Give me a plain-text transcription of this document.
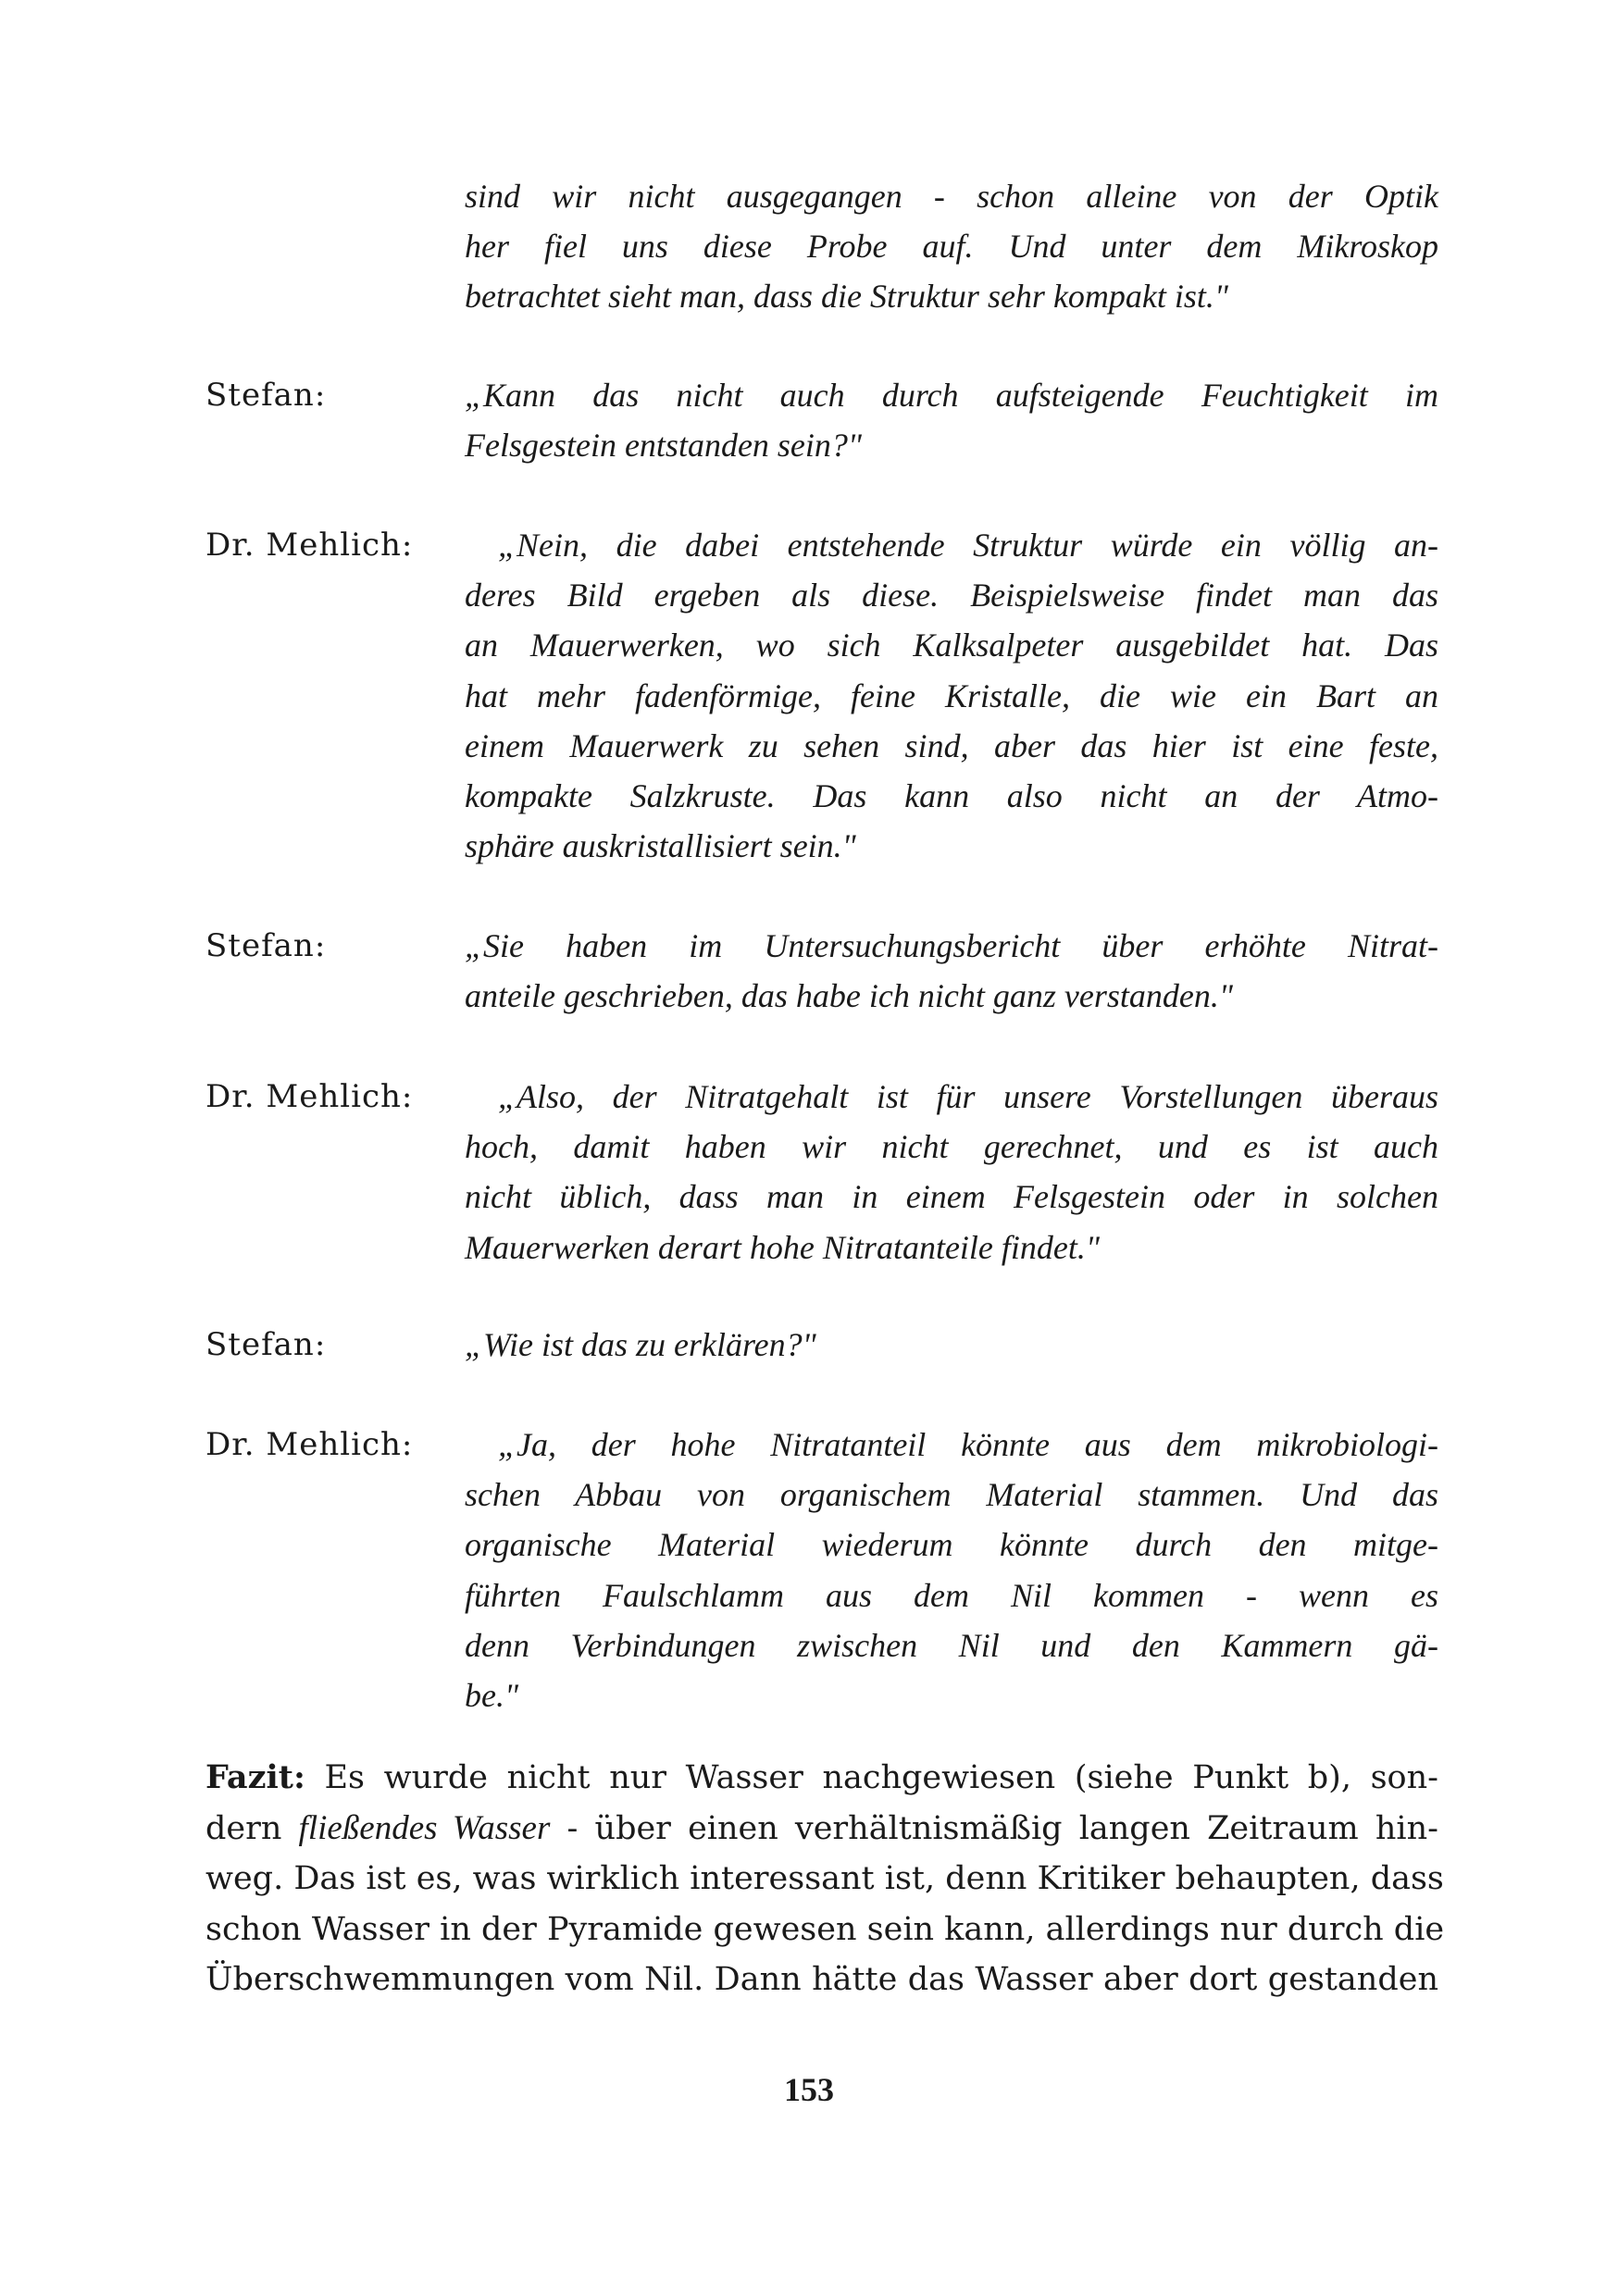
sind wir nicht ausgegangen - schon alleine von der Optik
her fiel uns diese Probe auf. Und unter dem Mikroskop
betrachtet sieht man, dass die Struktur sehr kompakt ist."
Stefan:	„Kann das nicht auch durch aufsteigende Feuchtigkeit im
Felsgestein entstanden sein?"
Dr. Mehlich:	„Nein, die dabei entstehende Struktur würde ein völlig an-
deres Bild ergeben als diese. Beispielsweise findet man das
an Mauerwerken, wo sich Kalksalpeter ausgebildet hat. Das
hat mehr fadenförmige, feine Kristalle, die wie ein Bart an
einem Mauerwerk zu sehen sind, aber das hier ist eine feste,
kompakte Salzkruste. Das kann also nicht an der Atmo-
sphäre auskristallisiert sein."
Stefan:	„Sie haben im Untersuchungsbericht über erhöhte Nitrat-
anteile geschrieben, das habe ich nicht ganz verstanden."
Dr. Mehlich:	„Also, der Nitratgehalt ist für unsere Vorstellungen überaus
hoch, damit haben wir nicht gerechnet, und es ist auch
nicht üblich, dass man in einem Felsgestein oder in solchen
Mauerwerken derart hohe Nitratanteile findet."
Stefan:	„Wie ist das zu erklären?"
Dr. Mehlich:	„Ja, der hohe Nitratanteil könnte aus dem mikrobiologi-
schen Abbau von organischem Material stammen. Und das
organische Material wiederum könnte durch den mitge-
führten Faulschlamm aus dem Nil kommen - wenn es
denn Verbindungen zwischen Nil und den Kammern gä-
be."
Fazit: Es wurde nicht nur Wasser nachgewiesen (siehe Punkt b), son-
dern fließendes Wasser - über einen verhältnismäßig langen Zeitraum hin-
weg. Das ist es, was wirklich interessant ist, denn Kritiker behaupten, dass
schon Wasser in der Pyramide gewesen sein kann, allerdings nur durch die
Überschwemmungen vom Nil. Dann hätte das Wasser aber dort gestanden
153
